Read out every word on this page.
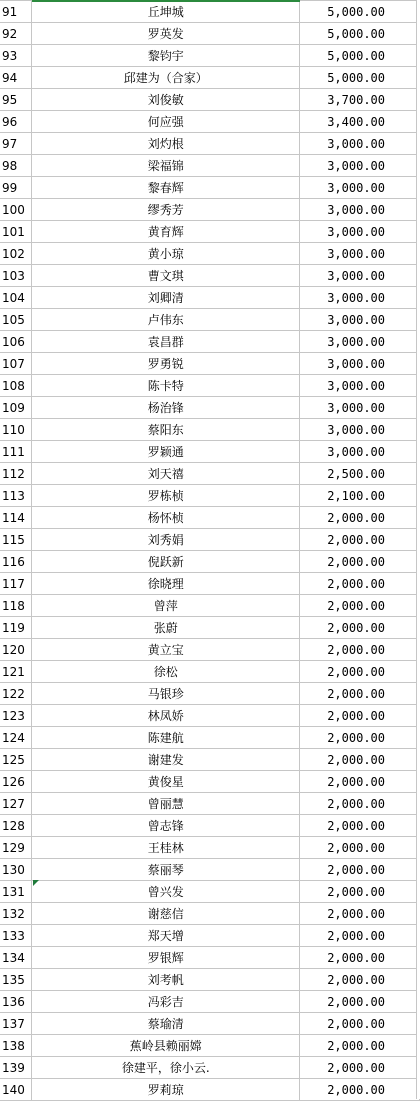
91	丘坤城	5,000.00
92	罗英发	5,000.00
93	黎钧宇	5,000.00
94	邱建为（合家）	5,000.00
95	刘俊敏	3,700.00
96	何应强	3,400.00
97	刘灼根	3,000.00
98	梁福锦	3,000.00
99	黎春辉	3,000.00
100	缪秀芳	3,000.00
101	黄育辉	3,000.00
102	黄小琼	3,000.00
103	曹文琪	3,000.00
104	刘卿清	3,000.00
105	卢伟东	3,000.00
106	袁昌群	3,000.00
107	罗勇锐	3,000.00
108	陈卡特	3,000.00
109	杨治锋	3,000.00
110	蔡阳东	3,000.00
111	罗颖通	3,000.00
112	刘天禧	2,500.00
113	罗栋桢	2,100.00
114	杨怀桢	2,000.00
115	刘秀娟	2,000.00
116	倪跃新	2,000.00
117	徐晓理	2,000.00
118	曾萍	2,000.00
119	张蔚	2,000.00
120	黄立宝	2,000.00
121	徐松	2,000.00
122	马银珍	2,000.00
123	林凤娇	2,000.00
124	陈建航	2,000.00
125	谢建发	2,000.00
126	黄俊星	2,000.00
127	曾丽慧	2,000.00
128	曾志锋	2,000.00
129	王桂林	2,000.00
130	蔡丽琴	2,000.00
131	曾兴发	2,000.00
132	谢慈信	2,000.00
133	郑天增	2,000.00
134	罗银辉	2,000.00
135	刘考帆	2,000.00
136	冯彩吉	2,000.00
137	蔡瑜清	2,000.00
138	蕉岭县赖丽嫦	2,000.00
139	徐建平，徐小云.	2,000.00
140	罗莉琼	2,000.00
